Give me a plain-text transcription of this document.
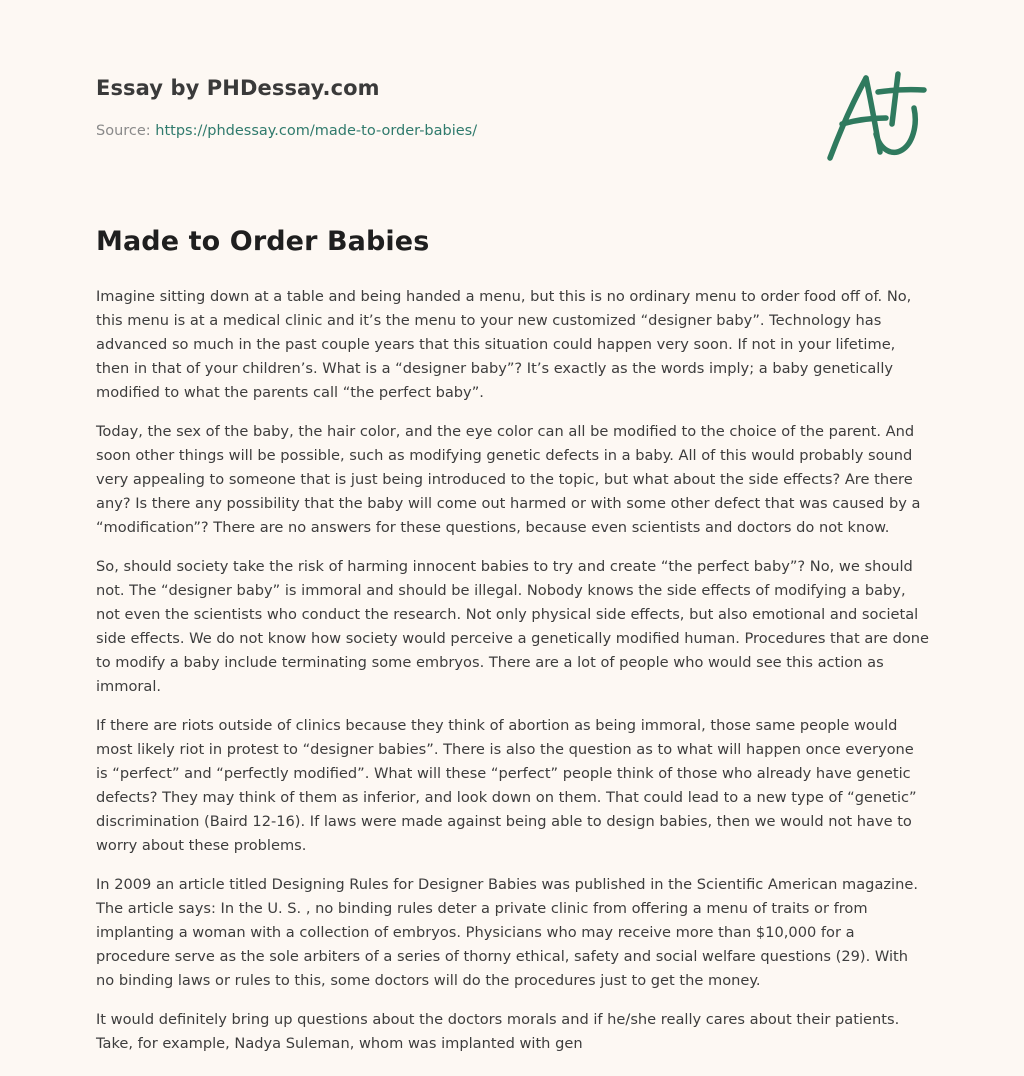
Essay by PHDessay.com
Source: https://phdessay.com/made-to-order-babies/
Made to Order Babies

Imagine sitting down at a table and being handed a menu, but this is no ordinary menu to order food off of. No, this menu is at a medical clinic and it’s the menu to your new customized “designer baby”. Technology has advanced so much in the past couple years that this situation could happen very soon. If not in your lifetime, then in that of your children’s. What is a “designer baby”? It’s exactly as the words imply; a baby genetically modified to what the parents call “the perfect baby”.

Today, the sex of the baby, the hair color, and the eye color can all be modified to the choice of the parent. And soon other things will be possible, such as modifying genetic defects in a baby. All of this would probably sound very appealing to someone that is just being introduced to the topic, but what about the side effects? Are there any? Is there any possibility that the baby will come out harmed or with some other defect that was caused by a “modification”? There are no answers for these questions, because even scientists and doctors do not know.

So, should society take the risk of harming innocent babies to try and create “the perfect baby”? No, we should not. The “designer baby” is immoral and should be illegal. Nobody knows the side effects of modifying a baby, not even the scientists who conduct the research. Not only physical side effects, but also emotional and societal side effects. We do not know how society would perceive a genetically modified human. Procedures that are done to modify a baby include terminating some embryos. There are a lot of people who would see this action as immoral.

If there are riots outside of clinics because they think of abortion as being immoral, those same people would most likely riot in protest to “designer babies”. There is also the question as to what will happen once everyone is “perfect” and “perfectly modified”. What will these “perfect” people think of those who already have genetic defects? They may think of them as inferior, and look down on them. That could lead to a new type of “genetic” discrimination (Baird 12-16). If laws were made against being able to design babies, then we would not have to worry about these problems.

In 2009 an article titled Designing Rules for Designer Babies was published in the Scientific American magazine. The article says: In the U. S. , no binding rules deter a private clinic from offering a menu of traits or from implanting a woman with a collection of embryos. Physicians who may receive more than $10,000 for a procedure serve as the sole arbiters of a series of thorny ethical, safety and social welfare questions (29). With no binding laws or rules to this, some doctors will do the procedures just to get the money.

It would definitely bring up questions about the doctors morals and if he/she really cares about their patients. Take, for example, Nadya Suleman, whom was implanted with gen
